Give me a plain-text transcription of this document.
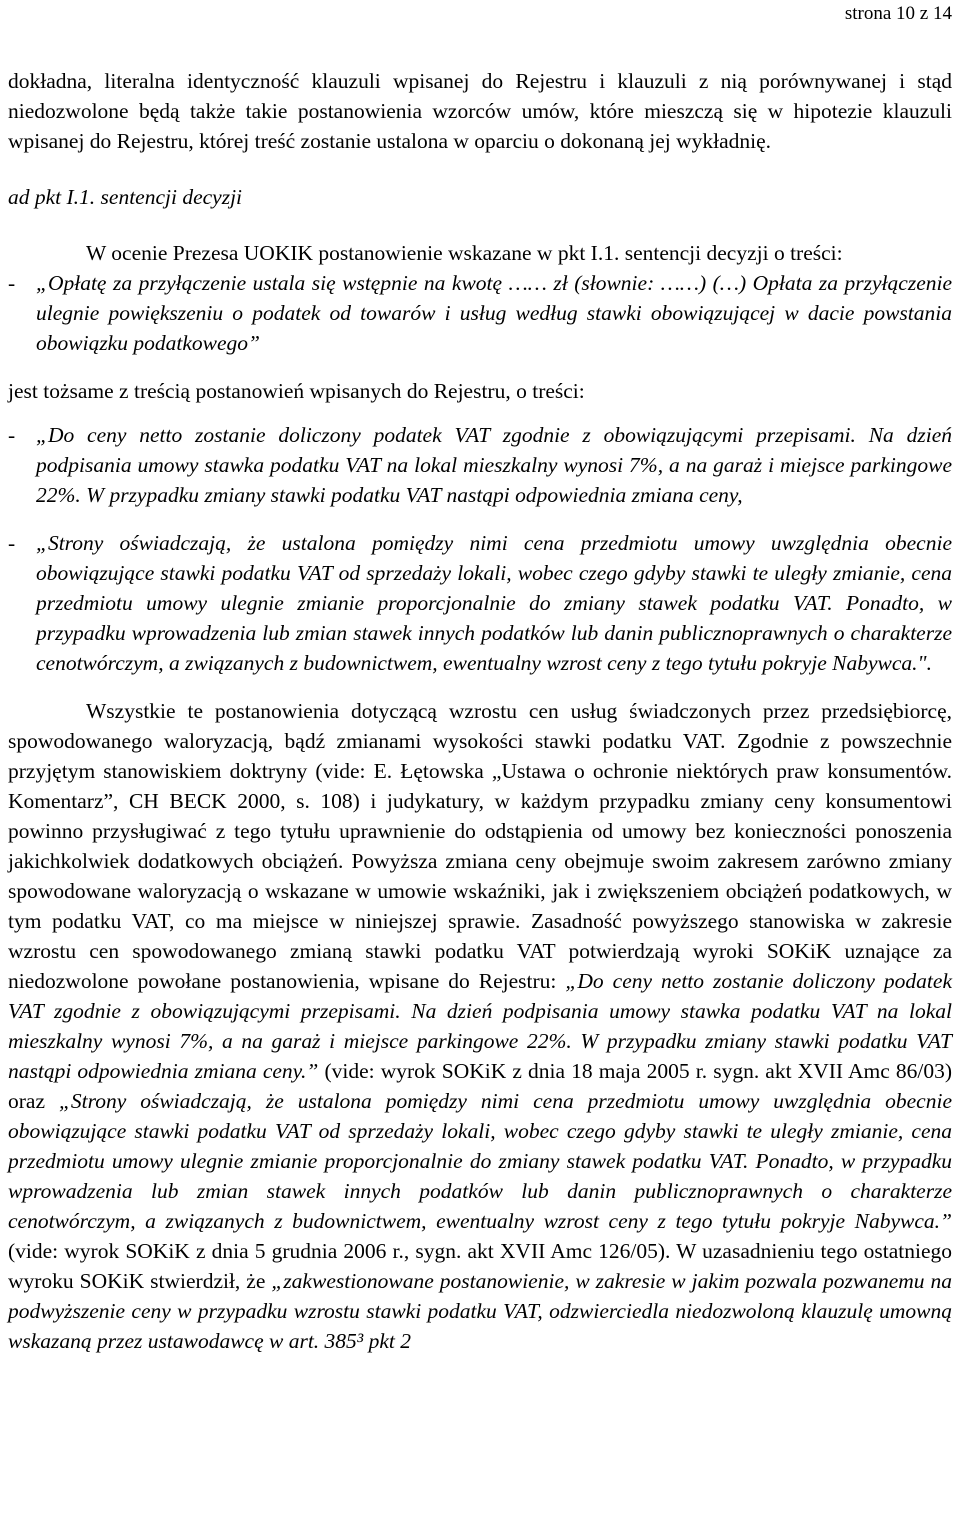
strona 10 z 14

dokładna, literalna identyczność klauzuli wpisanej do Rejestru i klauzuli z nią porównywanej i stąd niedozwolone będą także takie postanowienia wzorców umów, które mieszczą się w hipotezie klauzuli wpisanej do Rejestru, której treść zostanie ustalona w oparciu o dokonaną jej wykładnię.

ad pkt I.1. sentencji decyzji

W ocenie Prezesa UOKIK postanowienie wskazane w pkt I.1. sentencji decyzji o treści:

- „Opłatę za przyłączenie ustala się wstępnie na kwotę …… zł (słownie: ……) (…) Opłata za przyłączenie ulegnie powiększeniu o podatek od towarów i usług według stawki obowiązującej w dacie powstania obowiązku podatkowego”

jest tożsame z treścią postanowień wpisanych do Rejestru, o treści:

- „Do ceny netto zostanie doliczony podatek VAT zgodnie z obowiązującymi przepisami. Na dzień podpisania umowy stawka podatku VAT na lokal mieszkalny wynosi 7%, a na garaż i miejsce parkingowe 22%. W przypadku zmiany stawki podatku VAT nastąpi odpowiednia zmiana ceny,
- „Strony oświadczają, że ustalona pomiędzy nimi cena przedmiotu umowy uwzględnia obecnie obowiązujące stawki podatku VAT od sprzedaży lokali, wobec czego gdyby stawki te uległy zmianie, cena przedmiotu umowy ulegnie zmianie proporcjonalnie do zmiany stawek podatku VAT. Ponadto, w przypadku wprowadzenia lub zmian stawek innych podatków lub danin publicznoprawnych o charakterze cenotwórczym, a związanych z budownictwem, ewentualny wzrost ceny z tego tytułu pokryje Nabywca.".

Wszystkie te postanowienia dotyczącą wzrostu cen usług świadczonych przez przedsiębiorcę, spowodowanego waloryzacją, bądź zmianami wysokości stawki podatku VAT. Zgodnie z powszechnie przyjętym stanowiskiem doktryny (vide: E. Łętowska „Ustawa o ochronie niektórych praw konsumentów. Komentarz”, CH BECK 2000, s. 108) i judykatury, w każdym przypadku zmiany ceny konsumentowi powinno przysługiwać z tego tytułu uprawnienie do odstąpienia od umowy bez konieczności ponoszenia jakichkolwiek dodatkowych obciążeń. Powyższa zmiana ceny obejmuje swoim zakresem zarówno zmiany spowodowane waloryzacją o wskazane w umowie wskaźniki, jak i zwiększeniem obciążeń podatkowych, w tym podatku VAT, co ma miejsce w niniejszej sprawie. Zasadność powyższego stanowiska w zakresie wzrostu cen spowodowanego zmianą stawki podatku VAT potwierdzają wyroki SOKiK uznające za niedozwolone powołane postanowienia, wpisane do Rejestru: „Do ceny netto zostanie doliczony podatek VAT zgodnie z obowiązującymi przepisami. Na dzień podpisania umowy stawka podatku VAT na lokal mieszkalny wynosi 7%, a na garaż i miejsce parkingowe 22%. W przypadku zmiany stawki podatku VAT nastąpi odpowiednia zmiana ceny.” (vide: wyrok SOKiK z dnia 18 maja 2005 r. sygn. akt XVII Amc 86/03) oraz „Strony oświadczają, że ustalona pomiędzy nimi cena przedmiotu umowy uwzględnia obecnie obowiązujące stawki podatku VAT od sprzedaży lokali, wobec czego gdyby stawki te uległy zmianie, cena przedmiotu umowy ulegnie zmianie proporcjonalnie do zmiany stawek podatku VAT. Ponadto, w przypadku wprowadzenia lub zmian stawek innych podatków lub danin publicznoprawnych o charakterze cenotwórczym, a związanych z budownictwem, ewentualny wzrost ceny z tego tytułu pokryje Nabywca.” (vide: wyrok SOKiK z dnia 5 grudnia 2006 r., sygn. akt XVII Amc 126/05). W uzasadnieniu tego ostatniego wyroku SOKiK stwierdził, że „zakwestionowane postanowienie, w zakresie w jakim pozwala pozwanemu na podwyższenie ceny w przypadku wzrostu stawki podatku VAT, odzwierciedla niedozwoloną klauzulę umowną wskazaną przez ustawodawcę w art. 385³ pkt 2
